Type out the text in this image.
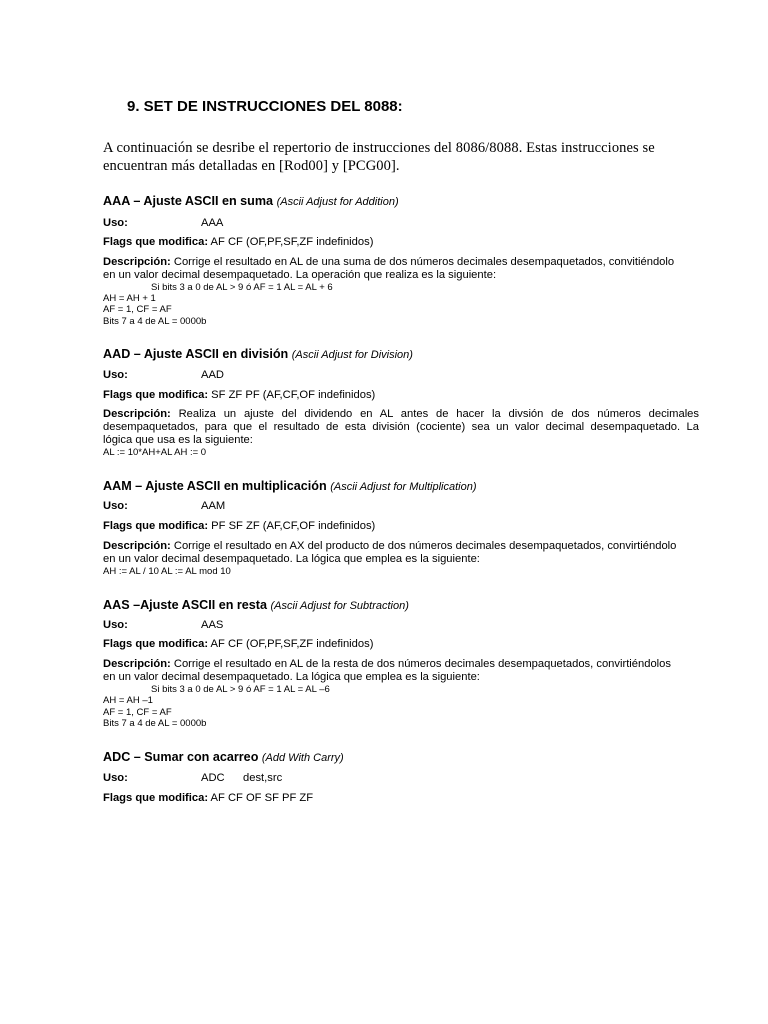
9. SET DE INSTRUCCIONES DEL 8088:
A continuación se desribe el repertorio de instrucciones del 8086/8088. Estas instrucciones se
encuentran más detalladas en [Rod00] y [PCG00].
AAA – Ajuste ASCII en suma (Ascii Adjust for Addition)
Uso:	AAA
Flags que modifica: AF CF (OF,PF,SF,ZF indefinidos)
Descripción: Corrige el resultado en AL de una suma de dos números decimales desempaquetados, convitiéndolo
en un valor decimal desempaquetado. La operación que realiza es la siguiente:
Si bits 3 a 0 de AL > 9 ó AF = 1 AL = AL + 6
AH = AH + 1
AF = 1, CF = AF
Bits 7 a 4 de AL = 0000b
AAD – Ajuste ASCII en división (Ascii Adjust for Division)
Uso:	AAD
Flags que modifica: SF ZF PF (AF,CF,OF indefinidos)
Descripción: Realiza un ajuste del dividendo en AL antes de hacer la divsión de dos números decimales
desempaquetados, para que el resultado de esta división (cociente) sea un valor decimal desempaquetado. La
lógica que usa es la siguiente:
AL := 10*AH+AL AH := 0
AAM – Ajuste ASCII en multiplicación (Ascii Adjust for Multiplication)
Uso:	AAM
Flags que modifica: PF SF ZF (AF,CF,OF indefinidos)
Descripción: Corrige el resultado en AX del producto de dos números decimales desempaquetados, convirtiéndolo
en un valor decimal desempaquetado. La lógica que emplea es la siguiente:
AH := AL / 10 AL := AL mod 10
AAS –Ajuste ASCII en resta (Ascii Adjust for Subtraction)
Uso:	AAS
Flags que modifica: AF CF (OF,PF,SF,ZF indefinidos)
Descripción: Corrige el resultado en AL de la resta de dos números decimales desempaquetados, convirtiéndolos
en un valor decimal desempaquetado. La lógica que emplea es la siguiente:
Si bits 3 a 0 de AL > 9 ó AF = 1 AL = AL –6
AH = AH –1
AF = 1, CF = AF
Bits 7 a 4 de AL = 0000b
ADC – Sumar con acarreo (Add With Carry)
Uso:	ADC dest,src
Flags que modifica: AF CF OF SF PF ZF
